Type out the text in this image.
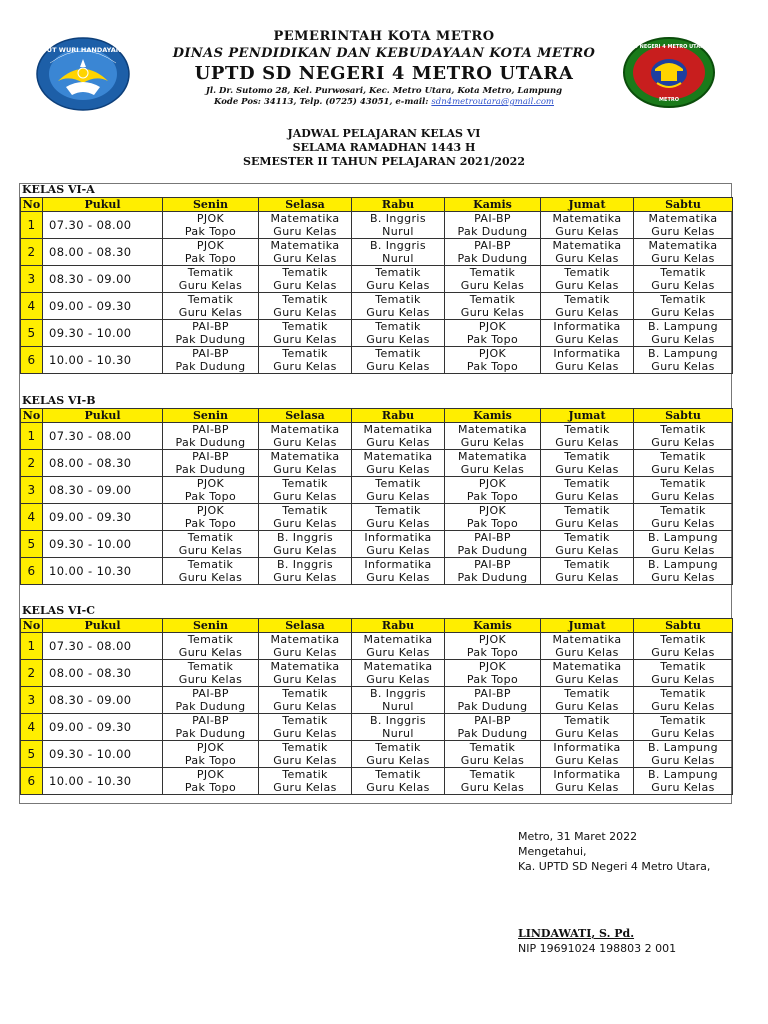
TUT WURI HANDAYANI
PEMERINTAH KOTA METRO
DINAS PENDIDIKAN DAN KEBUDAYAAN KOTA METRO
UPTD SD NEGERI 4 METRO UTARA
Jl. Dr. Sutomo 28, Kel. Purwosari, Kec. Metro Utara, Kota Metro, Lampung
Kode Pos: 34113, Telp. (0725) 43051, e-mail: sdn4metroutara@gmail.com
SD NEGERI 4 METRO UTARA
METRO
JADWAL PELAJARAN KELAS VI
SELAMA RAMADHAN 1443 H
SEMESTER II TAHUN PELAJARAN 2021/2022
KELAS VI-A
No	Pukul	Senin	Selasa	Rabu	Kamis	Jumat	Sabtu
1	07.30 - 08.00	PJOK	Matematika	B. Inggris	PAI-BP	Matematika	Matematika
		Pak Topo	Guru Kelas	Nurul	Pak Dudung	Guru Kelas	Guru Kelas
2	08.00 - 08.30	PJOK	Matematika	B. Inggris	PAI-BP	Matematika	Matematika
		Pak Topo	Guru Kelas	Nurul	Pak Dudung	Guru Kelas	Guru Kelas
3	08.30 - 09.00	Tematik	Tematik	Tematik	Tematik	Tematik	Tematik
		Guru Kelas	Guru Kelas	Guru Kelas	Guru Kelas	Guru Kelas	Guru Kelas
4	09.00 - 09.30	Tematik	Tematik	Tematik	Tematik	Tematik	Tematik
		Guru Kelas	Guru Kelas	Guru Kelas	Guru Kelas	Guru Kelas	Guru Kelas
5	09.30 - 10.00	PAI-BP	Tematik	Tematik	PJOK	Informatika	B. Lampung
		Pak Dudung	Guru Kelas	Guru Kelas	Pak Topo	Guru Kelas	Guru Kelas
6	10.00 - 10.30	PAI-BP	Tematik	Tematik	PJOK	Informatika	B. Lampung
		Pak Dudung	Guru Kelas	Guru Kelas	Pak Topo	Guru Kelas	Guru Kelas
KELAS VI-B
No	Pukul	Senin	Selasa	Rabu	Kamis	Jumat	Sabtu
1	07.30 - 08.00	PAI-BP	Matematika	Matematika	Matematika	Tematik	Tematik
		Pak Dudung	Guru Kelas	Guru Kelas	Guru Kelas	Guru Kelas	Guru Kelas
2	08.00 - 08.30	PAI-BP	Matematika	Matematika	Matematika	Tematik	Tematik
		Pak Dudung	Guru Kelas	Guru Kelas	Guru Kelas	Guru Kelas	Guru Kelas
3	08.30 - 09.00	PJOK	Tematik	Tematik	PJOK	Tematik	Tematik
		Pak Topo	Guru Kelas	Guru Kelas	Pak Topo	Guru Kelas	Guru Kelas
4	09.00 - 09.30	PJOK	Tematik	Tematik	PJOK	Tematik	Tematik
		Pak Topo	Guru Kelas	Guru Kelas	Pak Topo	Guru Kelas	Guru Kelas
5	09.30 - 10.00	Tematik	B. Inggris	Informatika	PAI-BP	Tematik	B. Lampung
		Guru Kelas	Guru Kelas	Guru Kelas	Pak Dudung	Guru Kelas	Guru Kelas
6	10.00 - 10.30	Tematik	B. Inggris	Informatika	PAI-BP	Tematik	B. Lampung
		Guru Kelas	Guru Kelas	Guru Kelas	Pak Dudung	Guru Kelas	Guru Kelas
KELAS VI-C
No	Pukul	Senin	Selasa	Rabu	Kamis	Jumat	Sabtu
1	07.30 - 08.00	Tematik	Matematika	Matematika	PJOK	Matematika	Tematik
		Guru Kelas	Guru Kelas	Guru Kelas	Pak Topo	Guru Kelas	Guru Kelas
2	08.00 - 08.30	Tematik	Matematika	Matematika	PJOK	Matematika	Tematik
		Guru Kelas	Guru Kelas	Guru Kelas	Pak Topo	Guru Kelas	Guru Kelas
3	08.30 - 09.00	PAI-BP	Tematik	B. Inggris	PAI-BP	Tematik	Tematik
		Pak Dudung	Guru Kelas	Nurul	Pak Dudung	Guru Kelas	Guru Kelas
4	09.00 - 09.30	PAI-BP	Tematik	B. Inggris	PAI-BP	Tematik	Tematik
		Pak Dudung	Guru Kelas	Nurul	Pak Dudung	Guru Kelas	Guru Kelas
5	09.30 - 10.00	PJOK	Tematik	Tematik	Tematik	Informatika	B. Lampung
		Pak Topo	Guru Kelas	Guru Kelas	Guru Kelas	Guru Kelas	Guru Kelas
6	10.00 - 10.30	PJOK	Tematik	Tematik	Tematik	Informatika	B. Lampung
		Pak Topo	Guru Kelas	Guru Kelas	Guru Kelas	Guru Kelas	Guru Kelas
Metro, 31 Maret 2022
Mengetahui,
Ka. UPTD SD Negeri 4 Metro Utara,
LINDAWATI, S. Pd.
NIP 19691024 198803 2 001
